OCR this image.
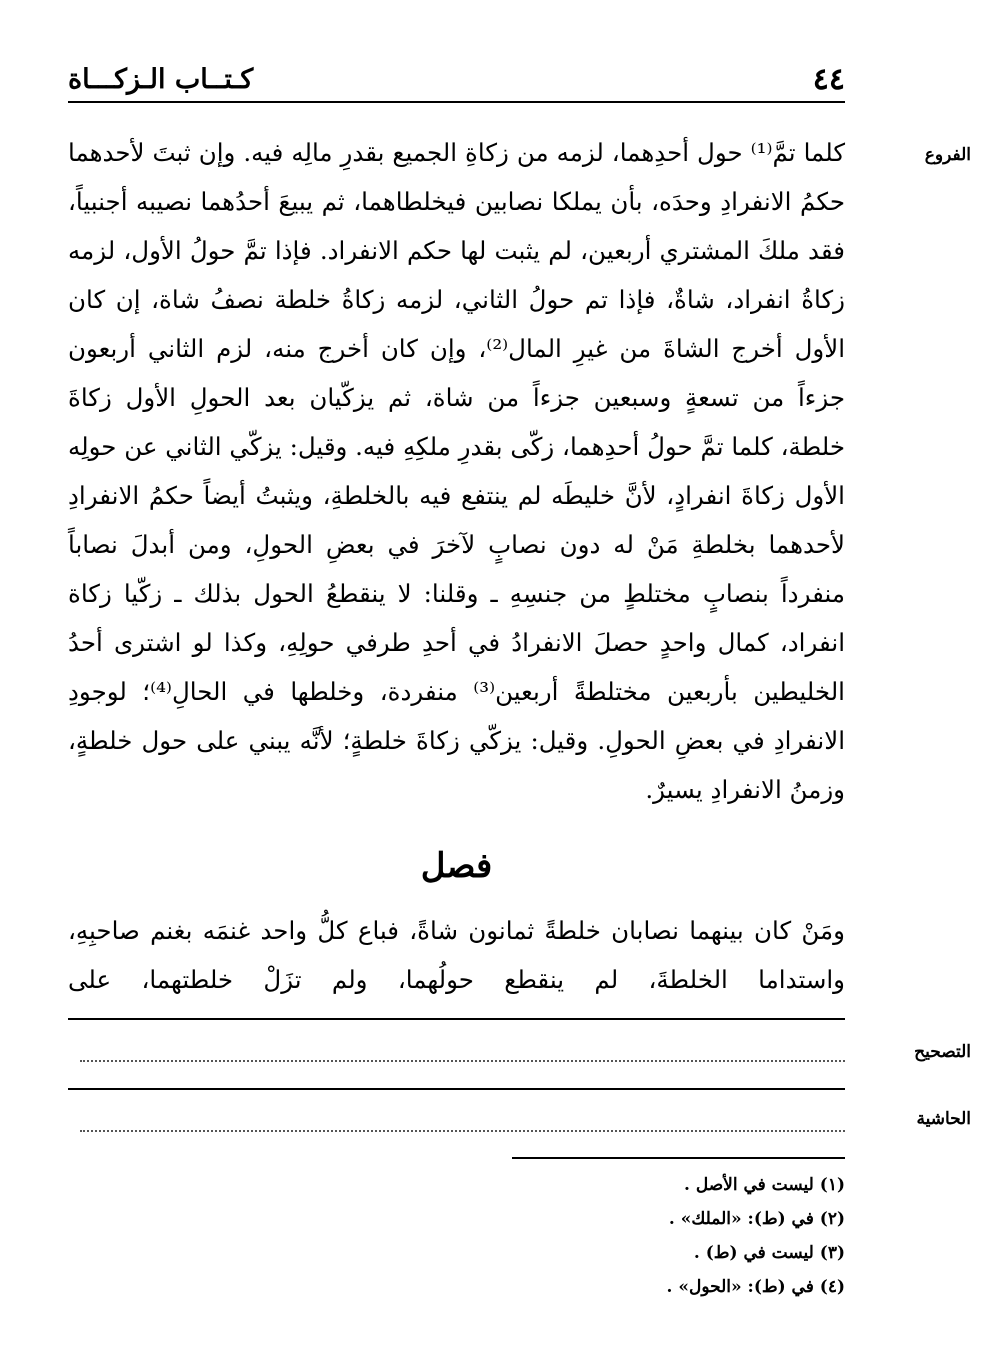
٤٤
كـتــاب الـزكـــاة
الفروع

كلما تمَّ⁽¹⁾ حول أحدِهما، لزمه من زكاةِ الجميع بقدرِ مالِه فيه. وإن ثبتَ لأحدهما حكمُ الانفرادِ وحدَه، بأن يملكا نصابين فيخلطاهما، ثم يبيعَ أحدُهما نصيبه أجنبياً، فقد ملكَ المشتري أربعين، لم يثبت لها حكم الانفراد. فإذا تمَّ حولُ الأول، لزمه زكاةُ انفراد، شاةٌ، فإذا تم حولُ الثاني، لزمه زكاةُ خلطة نصفُ شاة، إن كان الأول أخرج الشاةَ من غيرِ المال⁽²⁾، وإن كان أخرج منه، لزم الثاني أربعون جزءاً من تسعةٍ وسبعين جزءاً من شاة، ثم يزكّيان بعد الحولِ الأول زكاةَ خلطة، كلما تمَّ حولُ أحدِهما، زكّى بقدرِ ملكِهِ فيه. وقيل: يزكّي الثاني عن حولِه الأول زكاةَ انفرادٍ، لأنَّ خليطَه لم ينتفع فيه بالخلطةِ، ويثبتُ أيضاً حكمُ الانفرادِ لأحدهما بخلطةِ مَنْ له دون نصابٍ لآخرَ في بعضِ الحولِ، ومن أبدلَ نصاباً منفرداً بنصابٍ مختلطٍ من جنسِهِ ـ وقلنا: لا ينقطعُ الحول بذلك ـ زكّيا زكاة انفراد، كمال واحدٍ حصلَ الانفرادُ في أحدِ طرفي حولِهِ، وكذا لو اشترى أحدُ الخليطين بأربعين مختلطةً أربعين⁽³⁾ منفردة، وخلطها في الحالِ⁽⁴⁾؛ لوجودِ الانفرادِ في بعضِ الحولِ. وقيل: يزكّي زكاةَ خلطةٍ؛ لأنَّه يبني على حول خلطةٍ، وزمنُ الانفرادِ يسيرٌ.

فصل

ومَنْ كان بينهما نصابان خلطةً ثمانون شاةً، فباع كلُّ واحد غنمَه بغنم صاحبِهِ، واستداما الخلطةَ، لم ينقطع حولُهما، ولم تزَلْ خلطتهما، على

التصحيح
الحاشية
(١) ليست في الأصل .
(٢) في (ط): «الملك» .
(٣) ليست في (ط) .
(٤) في (ط): «الحول» .
